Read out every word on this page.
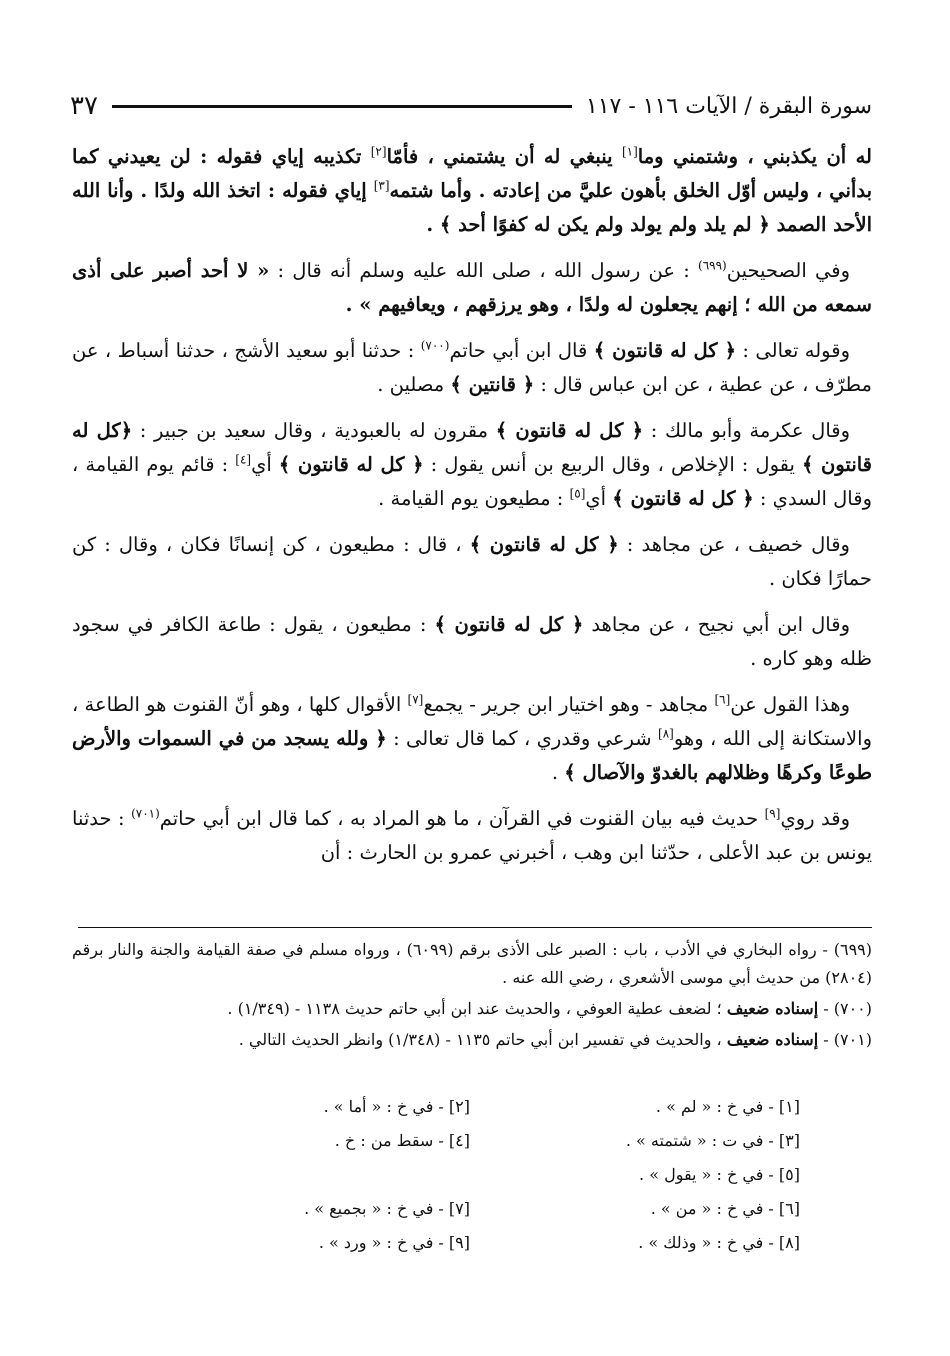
سورة البقرة / الآيات ١١٦ - ١١٧
٣٧

له أن يكذبني ، وشتمني وما[١] ينبغي له أن يشتمني ، فأمّا[٢] تكذيبه إياي فقوله : لن يعيدني كما بدأني ، وليس أوّل الخلق بأهون عليَّ من إعادته . وأما شتمه[٣] إياي فقوله : اتخذ الله ولدًا . وأنا الله الأحد الصمد ﴿ لم يلد ولم يولد ولم يكن له كفوًا أحد ﴾ .

وفي الصحيحين$^{(٦٩٩)}$ : عن رسول الله ، صلى الله عليه وسلم أنه قال : « لا أحد أصبر على أذى سمعه من الله ؛ إنهم يجعلون له ولدًا ، وهو يرزقهم ، ويعافيهم » .

وقوله تعالى : ﴿ كل له قانتون ﴾ قال ابن أبي حاتم$^{(٧٠٠)}$ : حدثنا أبو سعيد الأشج ، حدثنا أسباط ، عن مطرّف ، عن عطية ، عن ابن عباس قال : ﴿ قانتين ﴾ مصلين .

وقال عكرمة وأبو مالك : ﴿ كل له قانتون ﴾ مقرون له بالعبودية ، وقال سعيد بن جبير : ﴿كل له قانتون ﴾ يقول : الإخلاص ، وقال الربيع بن أنس يقول : ﴿ كل له قانتون ﴾ أي[٤] : قائم يوم القيامة ، وقال السدي : ﴿ كل له قانتون ﴾ أي[٥] : مطيعون يوم القيامة .

وقال خصيف ، عن مجاهد : ﴿ كل له قانتون ﴾ ، قال : مطيعون ، كن إنسانًا فكان ، وقال : كن حمارًا فكان .

وقال ابن أبي نجيح ، عن مجاهد ﴿ كل له قانتون ﴾ : مطيعون ، يقول : طاعة الكافر في سجود ظله وهو كاره .

وهذا القول عن[٦] مجاهد - وهو اختيار ابن جرير - يجمع[٧] الأقوال كلها ، وهو أنّ القنوت هو الطاعة ، والاستكانة إلى الله ، وهو[٨] شرعي وقدري ، كما قال تعالى : ﴿ ولله يسجد من في السموات والأرض طوعًا وكرهًا وظلالهم بالغدوّ والآصال ﴾ .

وقد روي[٩] حديث فيه بيان القنوت في القرآن ، ما هو المراد به ، كما قال ابن أبي حاتم$^{(٧٠١)}$ : حدثنا يونس بن عبد الأعلى ، حدّثنا ابن وهب ، أخبرني عمرو بن الحارث : أن

(٦٩٩) - رواه البخاري في الأدب ، باب : الصبر على الأذى برقم (٦٠٩٩) ، ورواه مسلم في صفة القيامة والجنة والنار برقم (٢٨٠٤) من حديث أبي موسى الأشعري ، رضي الله عنه .

(٧٠٠) - إسناده ضعيف ؛ لضعف عطية العوفي ، والحديث عند ابن أبي حاتم حديث ١١٣٨ - (١/٣٤٩) .

(٧٠١) - إسناده ضعيف ، والحديث في تفسير ابن أبي حاتم ١١٣٥ - (١/٣٤٨) وانظر الحديث التالي .

[١] - في خ : « لم » .
[٢] - في خ : « أما » .
[٣] - في ت : « شتمته » .
[٤] - سقط من : خ .
[٥] - في خ : « يقول » .
[٦] - في خ : « من » .
[٧] - في خ : « بجميع » .
[٨] - في خ : « وذلك » .
[٩] - في خ : « ورد » .
